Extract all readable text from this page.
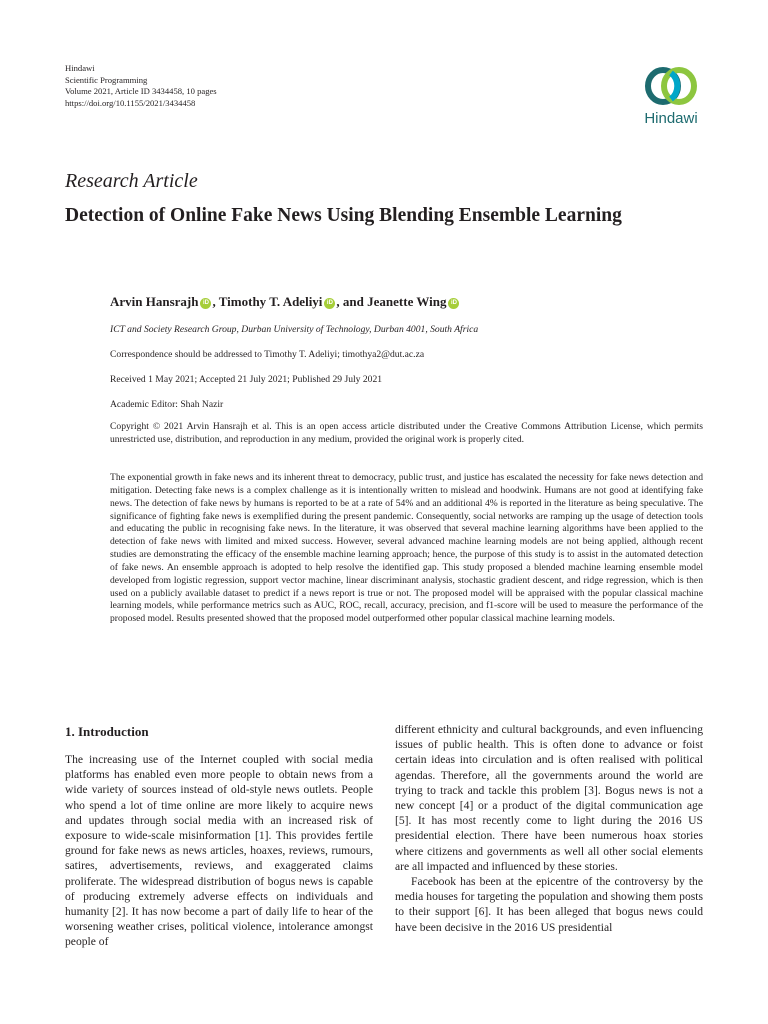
Hindawi
Scientific Programming
Volume 2021, Article ID 3434458, 10 pages
https://doi.org/10.1155/2021/3434458
Hindawi
Research Article
Detection of Online Fake News Using Blending Ensemble Learning
Arvin Hansrajh iD , Timothy T. Adeliyi iD , and Jeanette Wing iD
ICT and Society Research Group, Durban University of Technology, Durban 4001, South Africa
Correspondence should be addressed to Timothy T. Adeliyi; timothya2@dut.ac.za
Received 1 May 2021; Accepted 21 July 2021; Published 29 July 2021
Academic Editor: Shah Nazir
Copyright © 2021 Arvin Hansrajh et al. This is an open access article distributed under the Creative Commons Attribution License, which permits unrestricted use, distribution, and reproduction in any medium, provided the original work is properly cited.
The exponential growth in fake news and its inherent threat to democracy, public trust, and justice has escalated the necessity for fake news detection and mitigation. Detecting fake news is a complex challenge as it is intentionally written to mislead and hoodwink. Humans are not good at identifying fake news. The detection of fake news by humans is reported to be at a rate of 54% and an additional 4% is reported in the literature as being speculative. The significance of fighting fake news is exemplified during the present pandemic. Consequently, social networks are ramping up the usage of detection tools and educating the public in recognising fake news. In the literature, it was observed that several machine learning algorithms have been applied to the detection of fake news with limited and mixed success. However, several advanced machine learning models are not being applied, although recent studies are demonstrating the efficacy of the ensemble machine learning approach; hence, the purpose of this study is to assist in the automated detection of fake news. An ensemble approach is adopted to help resolve the identified gap. This study proposed a blended machine learning ensemble model developed from logistic regression, support vector machine, linear discriminant analysis, stochastic gradient descent, and ridge regression, which is then used on a publicly available dataset to predict if a news report is true or not. The proposed model will be appraised with the popular classical machine learning models, while performance metrics such as AUC, ROC, recall, accuracy, precision, and f1-score will be used to measure the performance of the proposed model. Results presented showed that the proposed model outperformed other popular classical machine learning models.
1. Introduction

The increasing use of the Internet coupled with social media platforms has enabled even more people to obtain news from a wide variety of sources instead of old-style news outlets. People who spend a lot of time online are more likely to acquire news and updates through social media with an increased risk of exposure to wide-scale misinformation [1]. This provides fertile ground for fake news as news articles, hoaxes, reviews, rumours, satires, advertisements, reviews, and exaggerated claims proliferate. The widespread distribution of bogus news is capable of producing extremely adverse effects on individuals and humanity [2]. It has now become a part of daily life to hear of the worsening weather crises, political violence, intolerance amongst people of

different ethnicity and cultural backgrounds, and even influencing issues of public health. This is often done to advance or foist certain ideas into circulation and is often realised with political agendas. Therefore, all the governments around the world are trying to track and tackle this problem [3]. Bogus news is not a new concept [4] or a product of the digital communication age [5]. It has most recently come to light during the 2016 US presidential election. There have been numerous hoax stories where citizens and governments as well all other social elements are all impacted and influenced by these stories.

Facebook has been at the epicentre of the controversy by the media houses for targeting the population and showing them posts to their support [6]. It has been alleged that bogus news could have been decisive in the 2016 US presidential
